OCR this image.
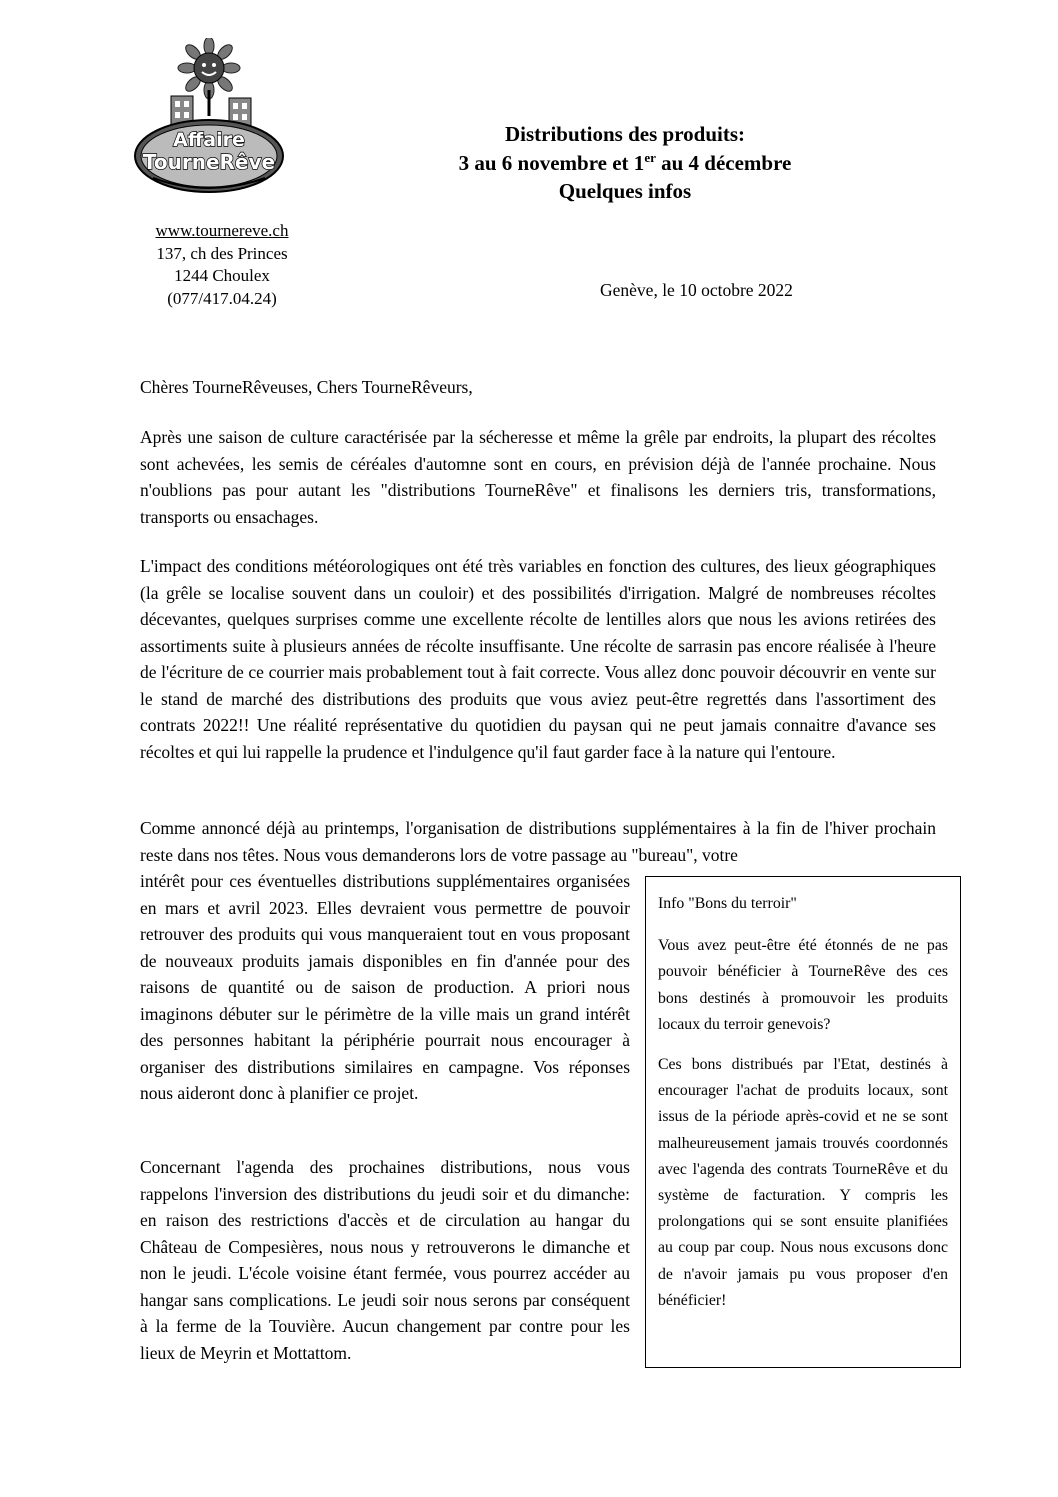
Affaire
TourneRêve
www.tournereve.ch
137, ch des Princes
1244 Choulex
(077/417.04.24)
Distributions des produits:
3 au 6 novembre et 1er au 4 décembre
Quelques infos
Genève, le 10 octobre 2022
Chères TourneRêveuses, Chers TourneRêveurs,

Après une saison de culture caractérisée par la sécheresse et même la grêle par endroits, la plupart des récoltes sont achevées, les semis de céréales d'automne sont en cours, en prévision déjà de l'année prochaine. Nous n'oublions pas pour autant les "distributions TourneRêve" et finalisons les derniers tris, transformations, transports ou ensachages.

L'impact des conditions météorologiques ont été très variables en fonction des cultures, des lieux géographiques (la grêle se localise souvent dans un couloir) et des possibilités d'irrigation. Malgré de nombreuses récoltes décevantes, quelques surprises comme une excellente récolte de lentilles alors que nous les avions retirées des assortiments suite à plusieurs années de récolte insuffisante. Une récolte de sarrasin pas encore réalisée à l'heure de l'écriture de ce courrier mais probablement tout à fait correcte. Vous allez donc pouvoir découvrir en vente sur le stand de marché des distributions des produits que vous aviez peut-être regrettés dans l'assortiment des contrats 2022!! Une réalité représentative du quotidien du paysan qui ne peut jamais connaitre d'avance ses récoltes et qui lui rappelle la prudence et l'indulgence qu'il faut garder face à la nature qui l'entoure.

Comme annoncé déjà au printemps, l'organisation de distributions supplémentaires à la fin de l'hiver prochain reste dans nos têtes. Nous vous demanderons lors de votre passage au "bureau", votre

intérêt pour ces éventuelles distributions supplémentaires organisées en mars et avril 2023. Elles devraient vous permettre de pouvoir retrouver des produits qui vous manqueraient tout en vous proposant de nouveaux produits jamais disponibles en fin d'année pour des raisons de quantité ou de saison de production. A priori nous imaginons débuter sur le périmètre de la ville mais un grand intérêt des personnes habitant la périphérie pourrait nous encourager à organiser des distributions similaires en campagne. Vos réponses nous aideront donc à planifier ce projet.

Concernant l'agenda des prochaines distributions, nous vous rappelons l'inversion des distributions du jeudi soir et du dimanche: en raison des restrictions d'accès et de circulation au hangar du Château de Compesières, nous nous y retrouverons le dimanche et non le jeudi. L'école voisine étant fermée, vous pourrez accéder au hangar sans complications. Le jeudi soir nous serons par conséquent à la ferme de la Touvière. Aucun changement par contre pour les lieux de Meyrin et Mottattom.

Info "Bons du terroir"

Vous avez peut-être été étonnés de ne pas pouvoir bénéficier à TourneRêve des ces bons destinés à promouvoir les produits locaux du terroir genevois?

Ces bons distribués par l'Etat, destinés à encourager l'achat de produits locaux, sont issus de la période après-covid et ne se sont malheureusement jamais trouvés coordonnés avec l'agenda des contrats TourneRêve et du système de facturation. Y compris les prolongations qui se sont ensuite planifiées au coup par coup. Nous nous excusons donc de n'avoir jamais pu vous proposer d'en bénéficier!
